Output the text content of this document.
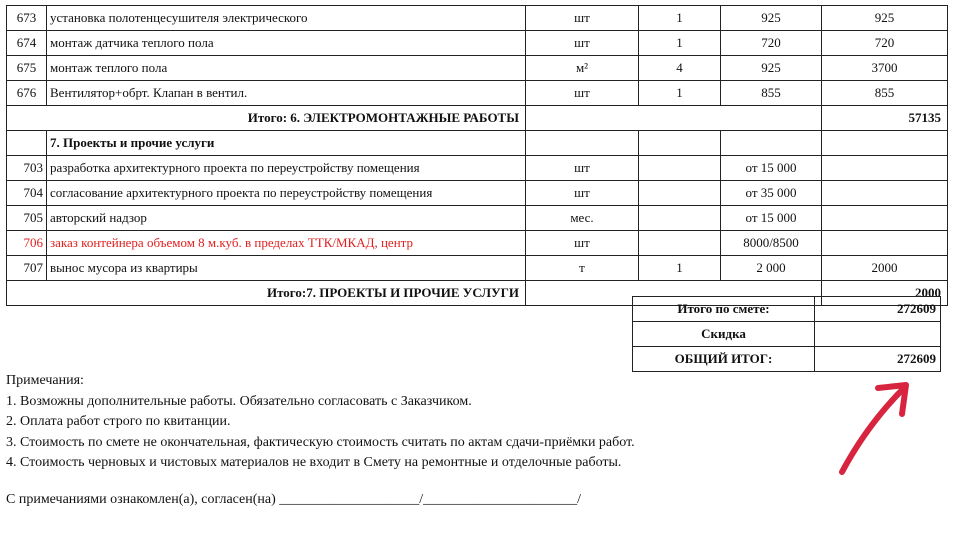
673	установка полотенцесушителя электрического	шт	1	925	925
674	монтаж датчика теплого пола	шт	1	720	720
675	монтаж теплого пола	м²	4	925	3700
676	Вентилятор+обрт. Клапан в вентил.	шт	1	855	855
Итого: 6. ЭЛЕКТРОМОНТАЖНЫЕ РАБОТЫ					57135
	7. Проекты и прочие услуги				
703	разработка архитектурного проекта по переустройству помещения	шт		от 15 000	
704	согласование архитектурного проекта по переустройству помещения	шт		от 35 000	
705	авторский надзор	мес.		от 15 000	
706	заказ контейнера объемом 8 м.куб. в пределах ТТК/МКАД, центр	шт		8000/8500	
707	вынос мусора из квартиры	т	1	2 000	2000
Итого:7. ПРОЕКТЫ И ПРОЧИЕ УСЛУГИ					2000
Итого по смете:	272609
Скидка	
ОБЩИЙ ИТОГ:	272609
Примечания:
1. Возможны дополнительные работы. Обязательно согласовать с Заказчиком.
2. Оплата работ строго по квитанции.
3. Стоимость по смете не окончательная, фактическую стоимость считать по актам сдачи-приёмки работ.
4. Стоимость черновых и чистовых материалов не входит в Смету на ремонтные и отделочные работы.
С примечаниями ознакомлен(а), согласен(на) ____________________/______________________/
